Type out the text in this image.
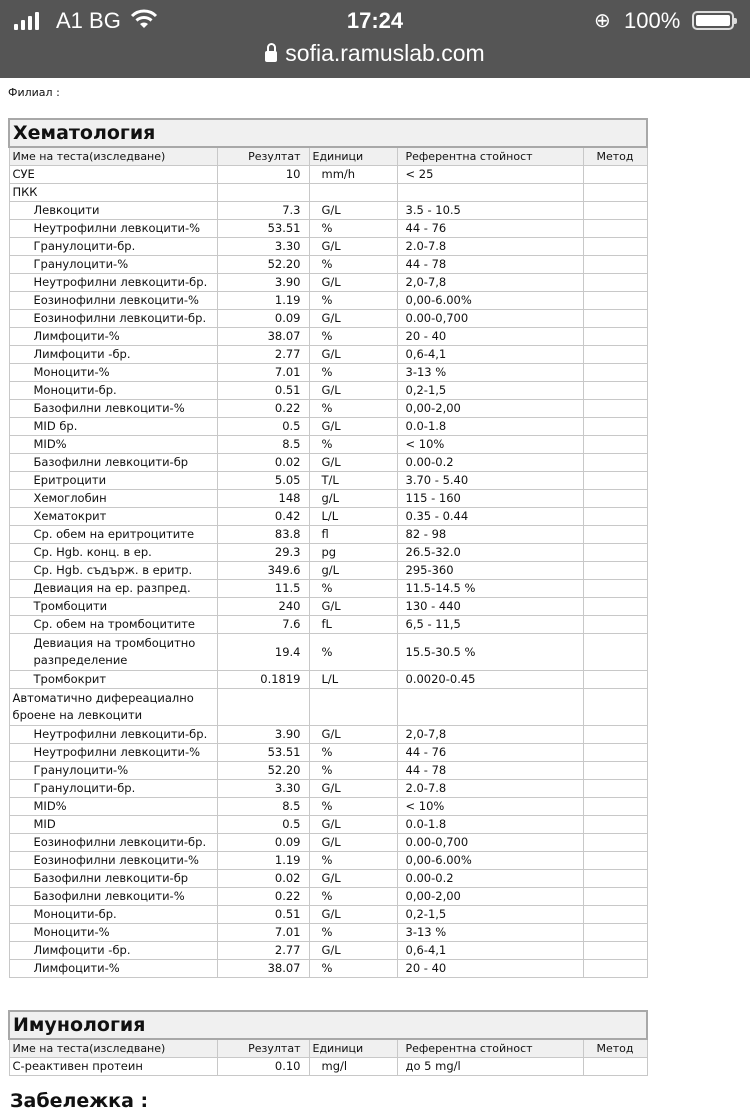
A1 BG	17:24	⊕ 100%
sofia.ramuslab.com
Филиал :
Хематология				
Име на теста(изследване)	Резултат	Единици	Референтна стойност	Метод
СУЕ	10	mm/h	< 25	
ПКК				
Левкоцити	7.3	G/L	3.5 - 10.5	
Неутрофилни левкоцити-%	53.51	%	44 - 76	
Гранулоцити-бр.	3.30	G/L	2.0-7.8	
Гранулоцити-%	52.20	%	44 - 78	
Неутрофилни левкоцити-бр.	3.90	G/L	2,0-7,8	
Еозинофилни левкоцити-%	1.19	%	0,00-6.00%	
Еозинофилни левкоцити-бр.	0.09	G/L	0.00-0,700	
Лимфоцити-%	38.07	%	20 - 40	
Лимфоцити -бр.	2.77	G/L	0,6-4,1	
Моноцити-%	7.01	%	3-13 %	
Моноцити-бр.	0.51	G/L	0,2-1,5	
Базофилни левкоцити-%	0.22	%	0,00-2,00	
MID бр.	0.5	G/L	0.0-1.8	
MID%	8.5	%	< 10%	
Базофилни левкоцити-бр	0.02	G/L	0.00-0.2	
Еритроцити	5.05	T/L	3.70 - 5.40	
Хемоглобин	148	g/L	115 - 160	
Хематокрит	0.42	L/L	0.35 - 0.44	
Ср. обем на еритроцитите	83.8	fl	82 - 98	
Ср. Hgb. конц. в ер.	29.3	pg	26.5-32.0	
Ср. Hgb. съдърж. в еритр.	349.6	g/L	295-360	
Девиация на ер. разпред.	11.5	%	11.5-14.5 %	
Тромбоцити	240	G/L	130 - 440	
Ср. обем на тромбоцитите	7.6	fL	6,5 - 11,5	
Девиация на тромбоцитно разпределение	19.4	%	15.5-30.5 %	
Тромбокрит	0.1819	L/L	0.0020-0.45	
Автоматично дифереациално броене на левкоцити				
Неутрофилни левкоцити-бр.	3.90	G/L	2,0-7,8	
Неутрофилни левкоцити-%	53.51	%	44 - 76	
Гранулоцити-%	52.20	%	44 - 78	
Гранулоцити-бр.	3.30	G/L	2.0-7.8	
MID%	8.5	%	< 10%	
MID	0.5	G/L	0.0-1.8	
Еозинофилни левкоцити-бр.	0.09	G/L	0.00-0,700	
Еозинофилни левкоцити-%	1.19	%	0,00-6.00%	
Базофилни левкоцити-бр	0.02	G/L	0.00-0.2	
Базофилни левкоцити-%	0.22	%	0,00-2,00	
Моноцити-бр.	0.51	G/L	0,2-1,5	
Моноцити-%	7.01	%	3-13 %	
Лимфоцити -бр.	2.77	G/L	0,6-4,1	
Лимфоцити-%	38.07	%	20 - 40	
Имунология				
Име на теста(изследване)	Резултат	Единици	Референтна стойност	Метод
С-реактивен протеин	0.10	mg/l	до 5 mg/l	
Забележка :
